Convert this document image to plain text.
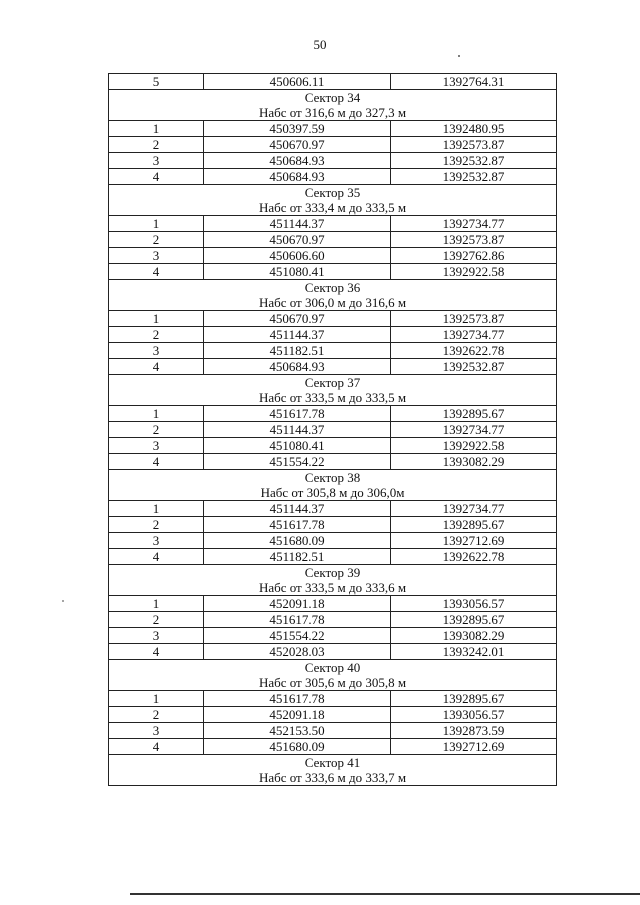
50
5	450606.11	1392764.31
Сектор 34		
Набс от 316,6 м до 327,3 м		
1	450397.59	1392480.95
2	450670.97	1392573.87
3	450684.93	1392532.87
4	450684.93	1392532.87
Сектор 35		
Набс от 333,4 м до 333,5 м		
1	451144.37	1392734.77
2	450670.97	1392573.87
3	450606.60	1392762.86
4	451080.41	1392922.58
Сектор 36		
Набс от 306,0 м до 316,6 м		
1	450670.97	1392573.87
2	451144.37	1392734.77
3	451182.51	1392622.78
4	450684.93	1392532.87
Сектор 37		
Набс от 333,5 м до 333,5 м		
1	451617.78	1392895.67
2	451144.37	1392734.77
3	451080.41	1392922.58
4	451554.22	1393082.29
Сектор 38		
Набс от 305,8 м до 306,0м		
1	451144.37	1392734.77
2	451617.78	1392895.67
3	451680.09	1392712.69
4	451182.51	1392622.78
Сектор 39		
Набс от 333,5 м до 333,6 м		
1	452091.18	1393056.57
2	451617.78	1392895.67
3	451554.22	1393082.29
4	452028.03	1393242.01
Сектор 40		
Набс от 305,6 м до 305,8 м		
1	451617.78	1392895.67
2	452091.18	1393056.57
3	452153.50	1392873.59
4	451680.09	1392712.69
Сектор 41		
Набс от 333,6 м до 333,7 м		
